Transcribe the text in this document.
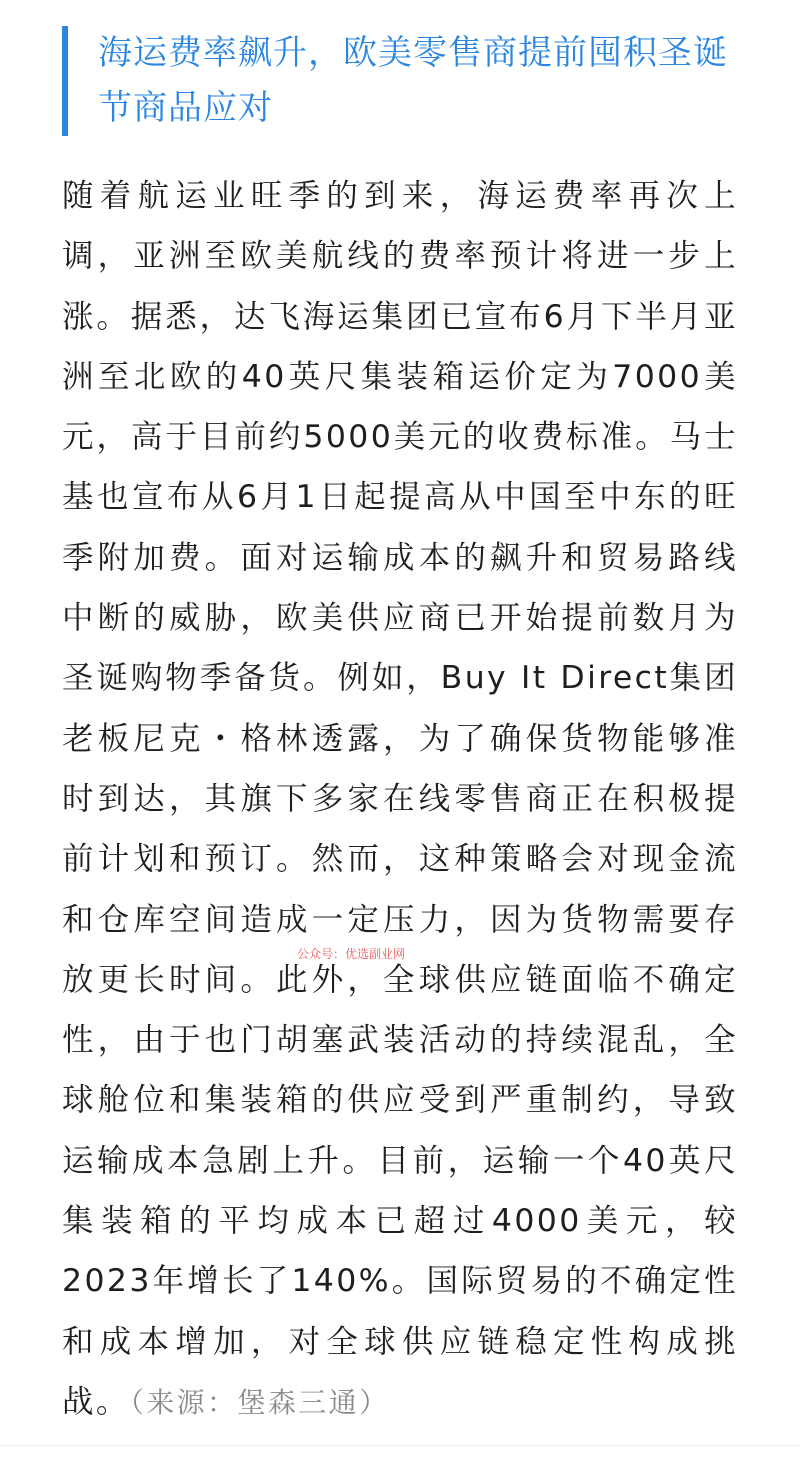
海运费率飙升，欧美零售商提前囤积圣诞节商品应对

随着航运业旺季的到来，海运费率再次上调，亚洲至欧美航线的费率预计将进一步上涨。据悉，达飞海运集团已宣布6月下半月亚洲至北欧的40英尺集装箱运价定为7000美元，高于目前约5000美元的收费标准。马士基也宣布从6月1日起提高从中国至中东的旺季附加费。面对运输成本的飙升和贸易路线中断的威胁，欧美供应商已开始提前数月为圣诞购物季备货。例如，Buy It Direct集团老板尼克・格林透露，为了确保货物能够准时到达，其旗下多家在线零售商正在积极提前计划和预订。然而，这种策略会对现金流和仓库空间造成一定压力，因为货物需要存放更长时间。此外，全球供应链面临不确定性，由于也门胡塞武装活动的持续混乱，全球舱位和集装箱的供应受到严重制约，导致运输成本急剧上升。目前，运输一个40英尺集装箱的平均成本已超过4000美元，较2023年增长了140%。国际贸易的不确定性和成本增加，对全球供应链稳定性构成挑战。（来源：堡森三通）

公众号：优选副业网
